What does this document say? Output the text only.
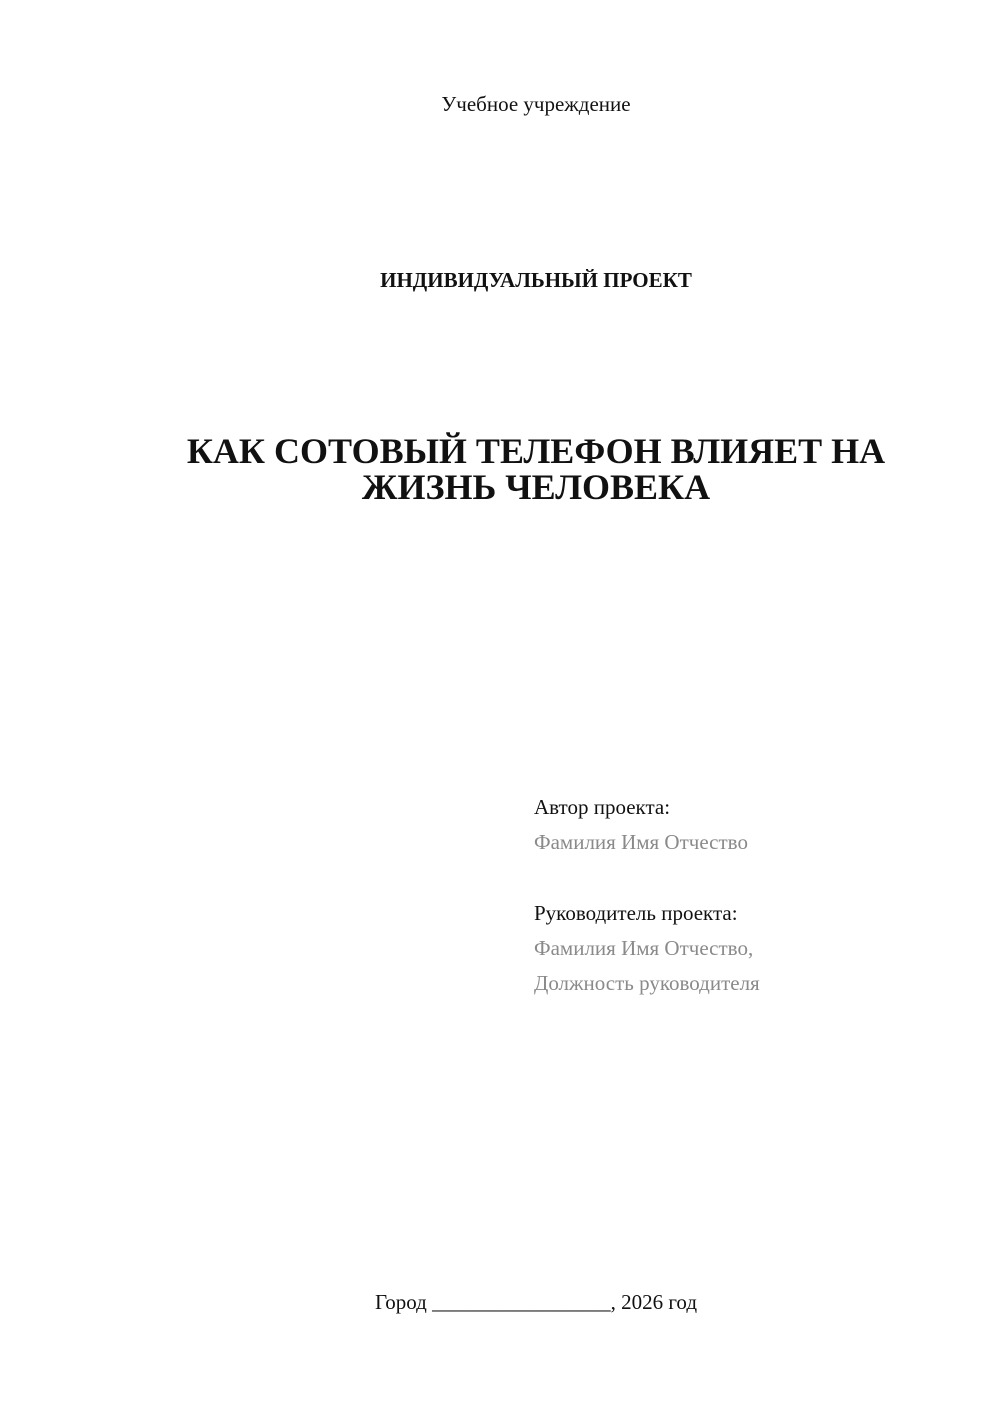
Учебное учреждение
ИНДИВИДУАЛЬНЫЙ ПРОЕКТ
КАК СОТОВЫЙ ТЕЛЕФОН ВЛИЯЕТ НА
ЖИЗНЬ ЧЕЛОВЕКА
Автор проекта:
Фамилия Имя Отчество
Руководитель проекта:
Фамилия Имя Отчество,
Должность руководителя
Город _________________, 2026 год
